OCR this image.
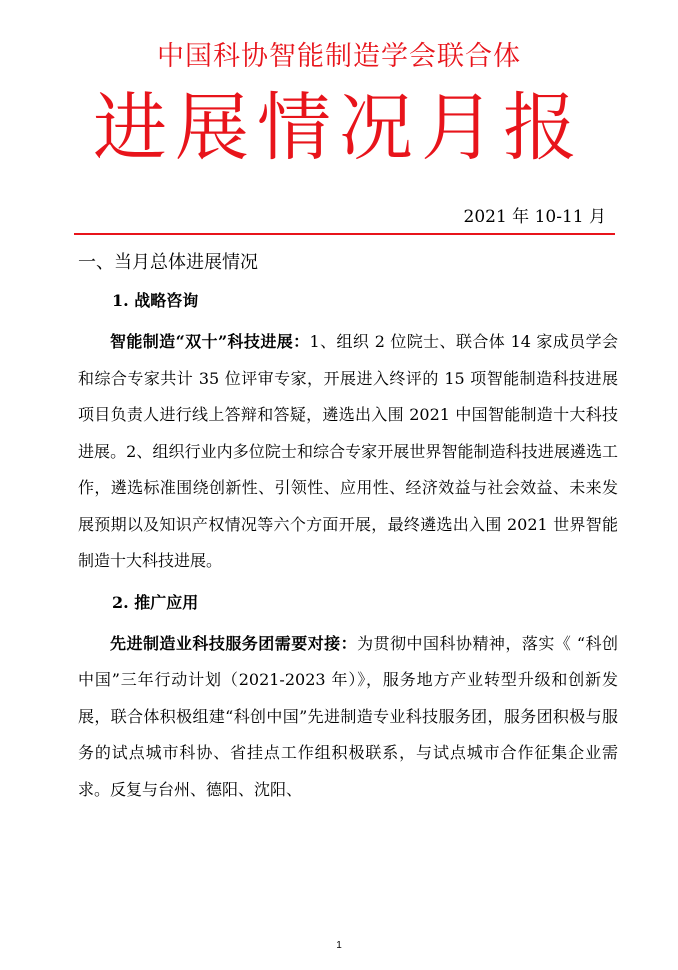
中国科协智能制造学会联合体
进展情况月报
2021 年 10-11 月

一、当月总体进展情况

1. 战略咨询

智能制造“双十”科技进展：1、组织 2 位院士、联合体 14 家成员学会和综合专家共计 35 位评审专家，开展进入终评的 15 项智能制造科技进展项目负责人进行线上答辩和答疑，遴选出入围 2021 中国智能制造十大科技进展。2、组织行业内多位院士和综合专家开展世界智能制造科技进展遴选工作，遴选标准围绕创新性、引领性、应用性、经济效益与社会效益、未来发展预期以及知识产权情况等六个方面开展，最终遴选出入围 2021 世界智能制造十大科技进展。

2. 推广应用

先进制造业科技服务团需要对接：为贯彻中国科协精神，落实《 “科创中国”三年行动计划（2021-2023 年）》，服务地方产业转型升级和创新发展，联合体积极组建“科创中国”先进制造专业科技服务团，服务团积极与服务的试点城市科协、省挂点工作组积极联系，与试点城市合作征集企业需求。反复与台州、德阳、沈阳、

1
